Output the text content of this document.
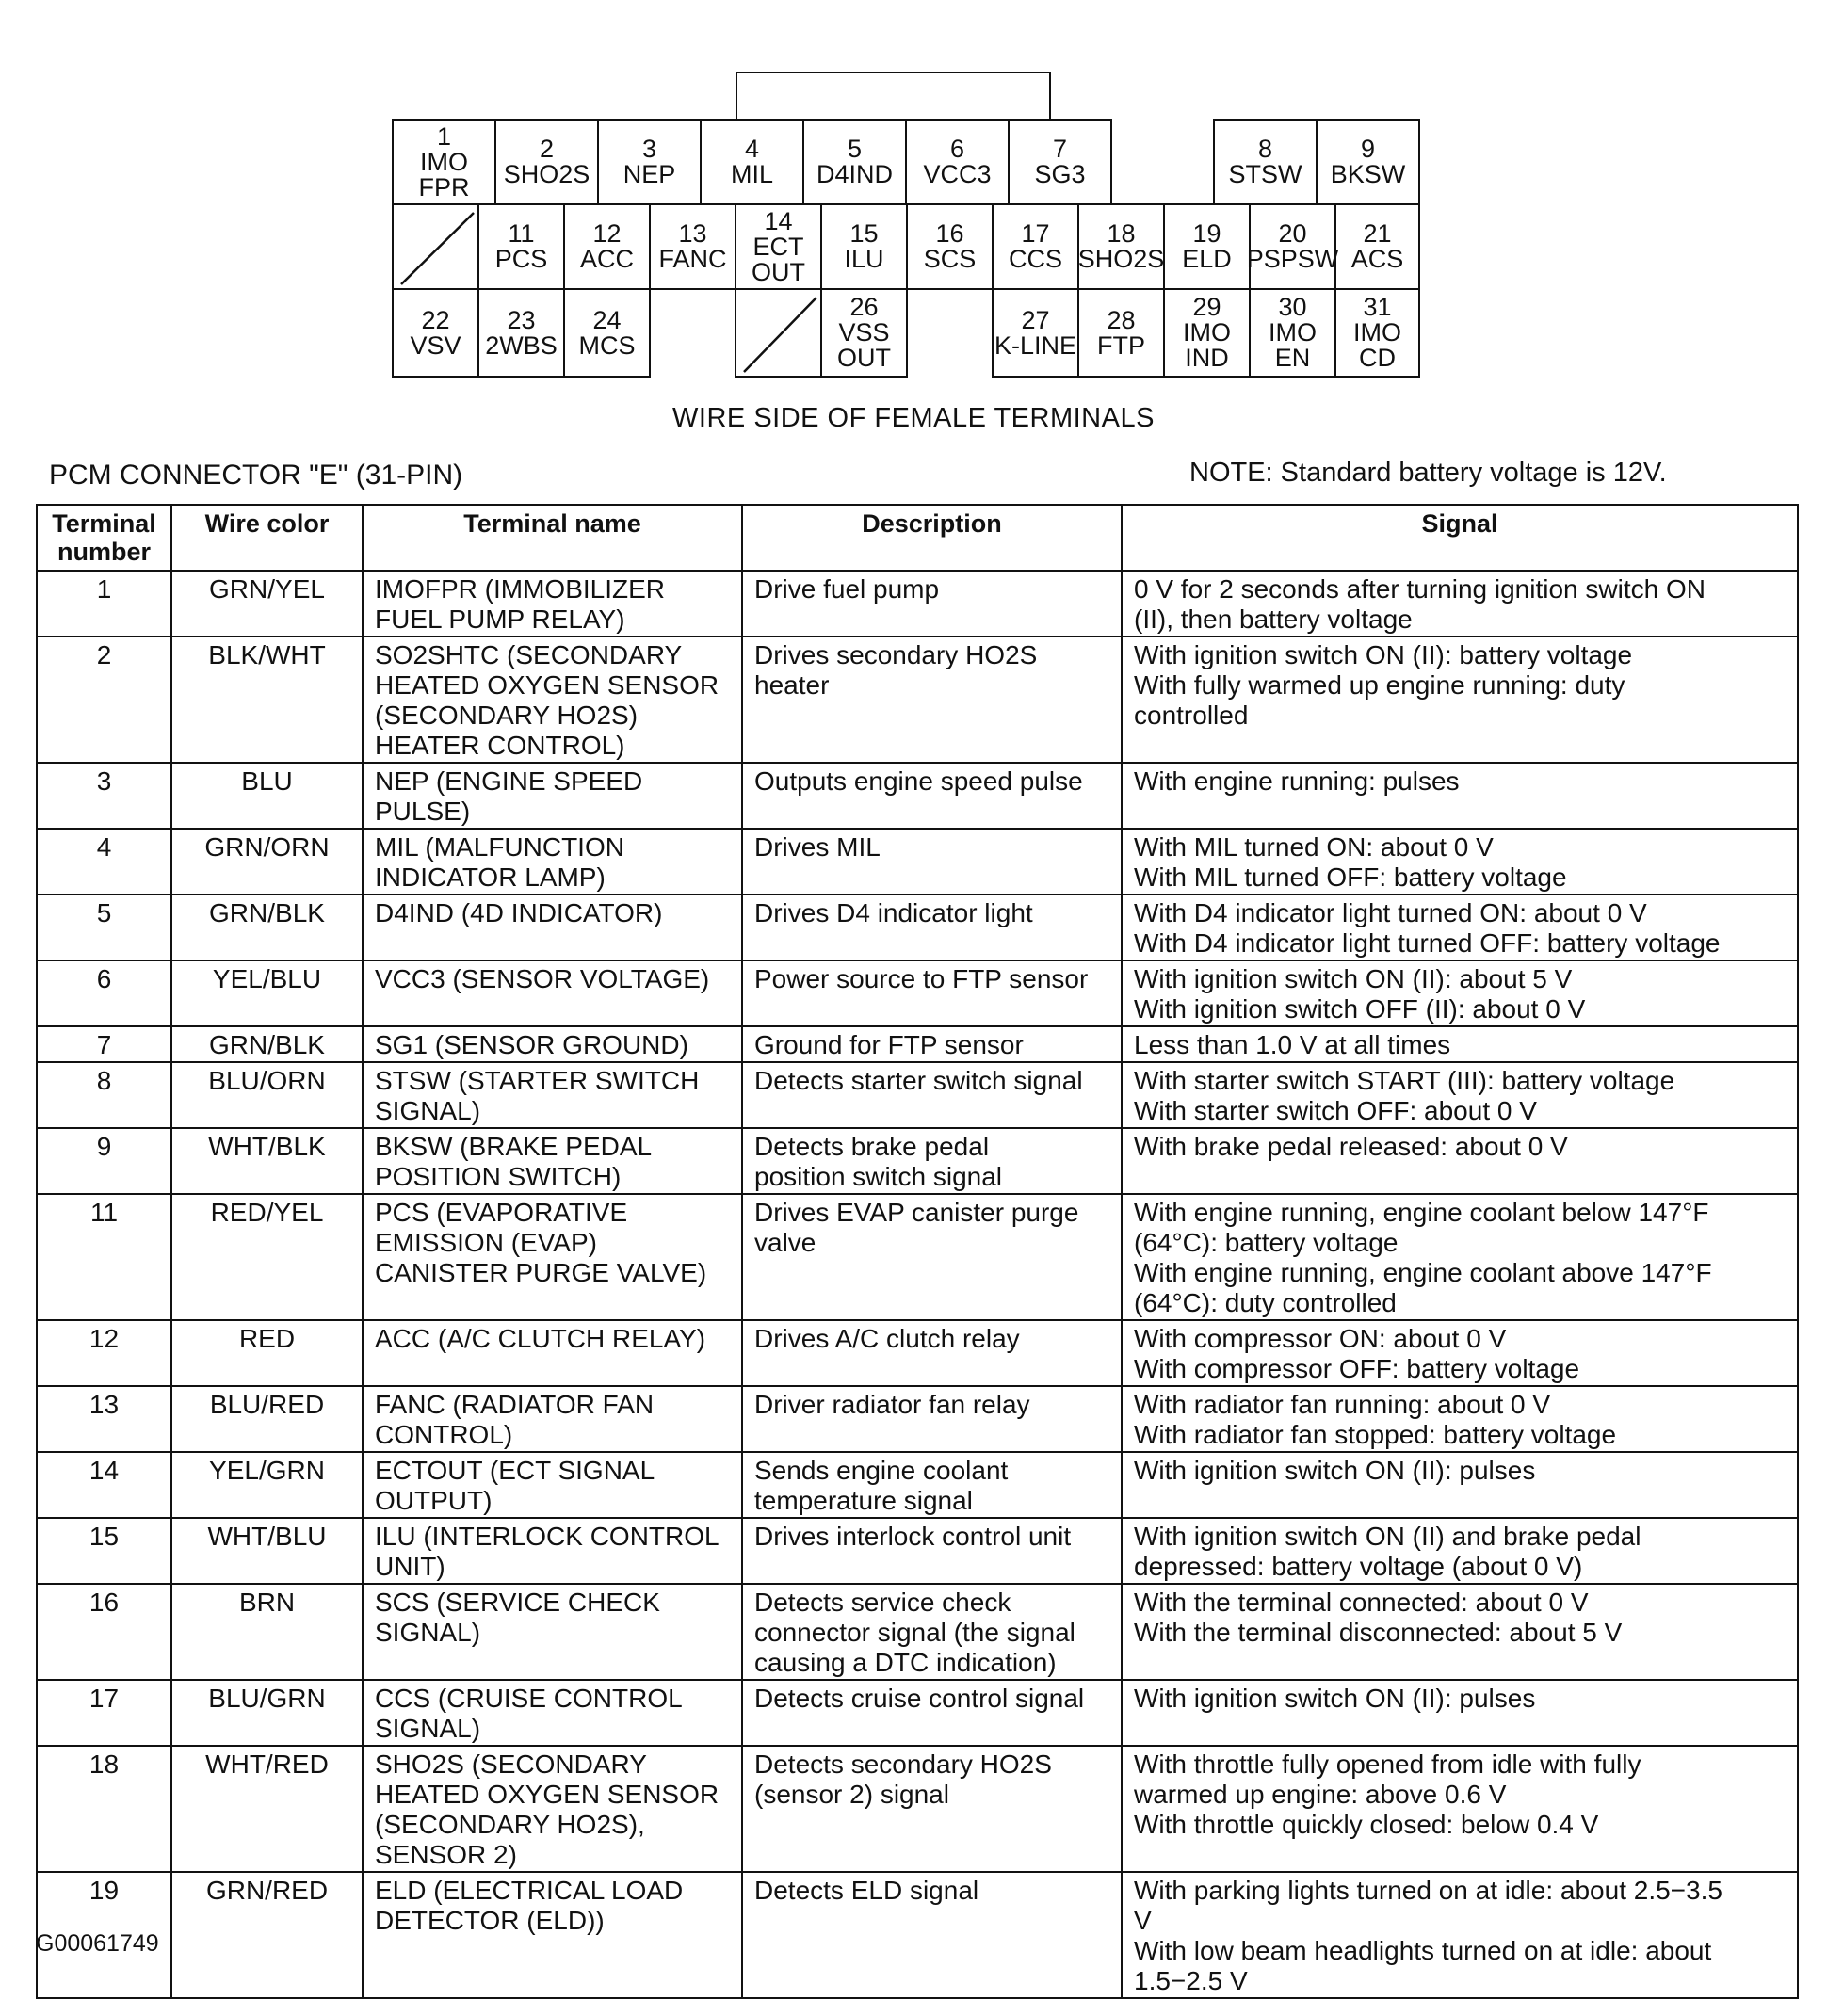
1
IMO
FPR
2
SHO2S
3
NEP
4
MIL
5
D4IND
6
VCC3
7
SG3
8
STSW
9
BKSW
11
PCS
12
ACC
13
FANC
14
ECT
OUT
15
ILU
16
SCS
17
CCS
18
SHO2S
19
ELD
20
PSPSW
21
ACS
22
VSV
23
2WBS
24
MCS
26
VSS
OUT
27
K-LINE
28
FTP
29
IMO
IND
30
IMO
EN
31
IMO
CD
WIRE SIDE OF FEMALE TERMINALS
PCM CONNECTOR "E" (31-PIN)	NOTE: Standard battery voltage is 12V.
Terminal
number	Wire color	Terminal name	Description	Signal
1	GRN/YEL	IMOFPR (IMMOBILIZER
FUEL PUMP RELAY)	Drive fuel pump	0 V for 2 seconds after turning ignition switch ON
(II), then battery voltage
2	BLK/WHT	SO2SHTC (SECONDARY
HEATED OXYGEN SENSOR
(SECONDARY HO2S)
HEATER CONTROL)	Drives secondary HO2S
heater	With ignition switch ON (II): battery voltage
With fully warmed up engine running: duty
controlled
3	BLU	NEP (ENGINE SPEED
PULSE)	Outputs engine speed pulse	With engine running: pulses
4	GRN/ORN	MIL (MALFUNCTION
INDICATOR LAMP)	Drives MIL	With MIL turned ON: about 0 V
With MIL turned OFF: battery voltage
5	GRN/BLK	D4IND (4D INDICATOR)	Drives D4 indicator light	With D4 indicator light turned ON: about 0 V
With D4 indicator light turned OFF: battery voltage
6	YEL/BLU	VCC3 (SENSOR VOLTAGE)	Power source to FTP sensor	With ignition switch ON (II): about 5 V
With ignition switch OFF (II): about 0 V
7	GRN/BLK	SG1 (SENSOR GROUND)	Ground for FTP sensor	Less than 1.0 V at all times
8	BLU/ORN	STSW (STARTER SWITCH
SIGNAL)	Detects starter switch signal	With starter switch START (III): battery voltage
With starter switch OFF: about 0 V
9	WHT/BLK	BKSW (BRAKE PEDAL
POSITION SWITCH)	Detects brake pedal
position switch signal	With brake pedal released: about 0 V
11	RED/YEL	PCS (EVAPORATIVE
EMISSION (EVAP)
CANISTER PURGE VALVE)	Drives EVAP canister purge
valve	With engine running, engine coolant below 147°F
(64°C): battery voltage
With engine running, engine coolant above 147°F
(64°C): duty controlled
12	RED	ACC (A/C CLUTCH RELAY)	Drives A/C clutch relay	With compressor ON: about 0 V
With compressor OFF: battery voltage
13	BLU/RED	FANC (RADIATOR FAN
CONTROL)	Driver radiator fan relay	With radiator fan running: about 0 V
With radiator fan stopped: battery voltage
14	YEL/GRN	ECTOUT (ECT SIGNAL
OUTPUT)	Sends engine coolant
temperature signal	With ignition switch ON (II): pulses
15	WHT/BLU	ILU (INTERLOCK CONTROL
UNIT)	Drives interlock control unit	With ignition switch ON (II) and brake pedal
depressed: battery voltage (about 0 V)
16	BRN	SCS (SERVICE CHECK
SIGNAL)	Detects service check
connector signal (the signal
causing a DTC indication)	With the terminal connected: about 0 V
With the terminal disconnected: about 5 V
17	BLU/GRN	CCS (CRUISE CONTROL
SIGNAL)	Detects cruise control signal	With ignition switch ON (II): pulses
18	WHT/RED	SHO2S (SECONDARY
HEATED OXYGEN SENSOR
(SECONDARY HO2S),
SENSOR 2)	Detects secondary HO2S
(sensor 2) signal	With throttle fully opened from idle with fully
warmed up engine: above 0.6 V
With throttle quickly closed: below 0.4 V
19	GRN/RED	ELD (ELECTRICAL LOAD
DETECTOR (ELD))	Detects ELD signal	With parking lights turned on at idle: about 2.5−3.5
V
With low beam headlights turned on at idle: about
1.5−2.5 V
G00061749
